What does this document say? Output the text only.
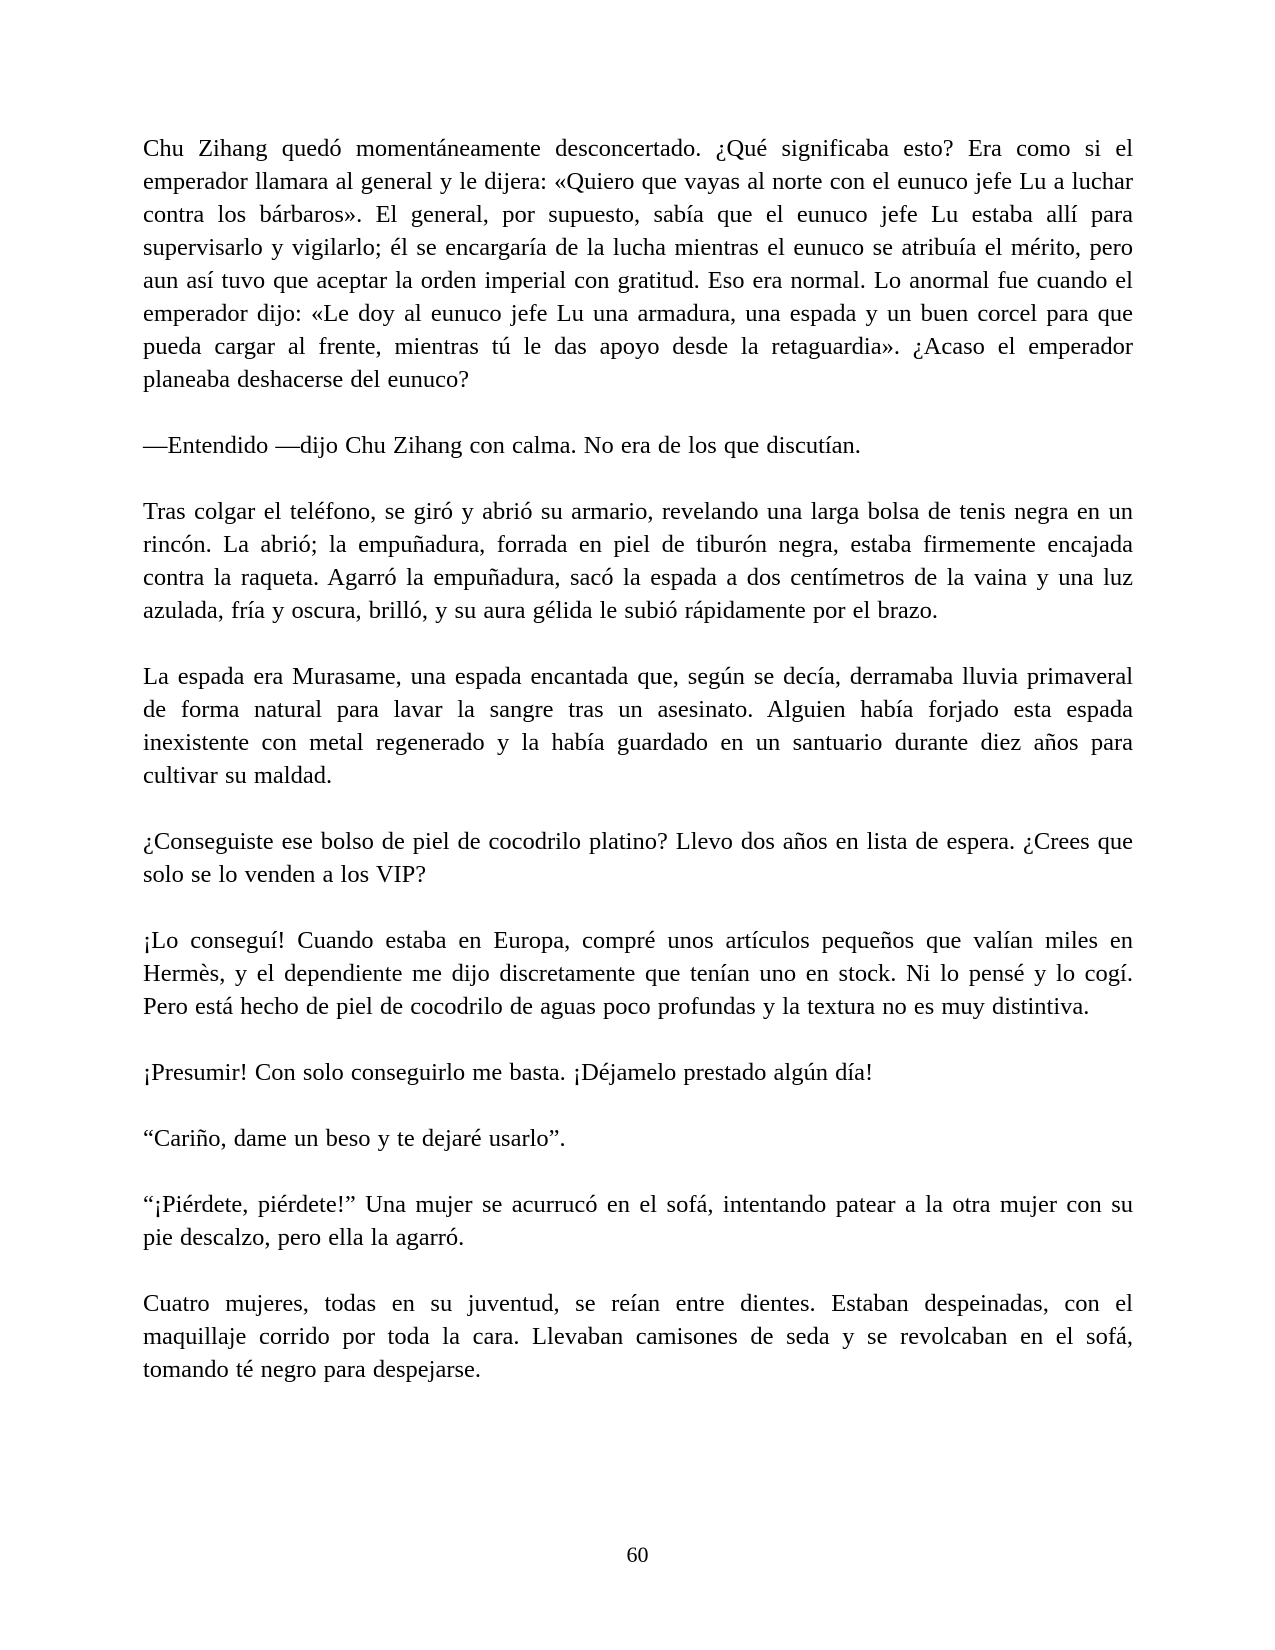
Chu Zihang quedó momentáneamente desconcertado. ¿Qué significaba esto? Era como si el emperador llamara al general y le dijera: «Quiero que vayas al norte con el eunuco jefe Lu a luchar contra los bárbaros». El general, por supuesto, sabía que el eunuco jefe Lu estaba allí para supervisarlo y vigilarlo; él se encargaría de la lucha mientras el eunuco se atribuía el mérito, pero aun así tuvo que aceptar la orden imperial con gratitud. Eso era normal. Lo anormal fue cuando el emperador dijo: «Le doy al eunuco jefe Lu una armadura, una espada y un buen corcel para que pueda cargar al frente, mientras tú le das apoyo desde la retaguardia». ¿Acaso el emperador planeaba deshacerse del eunuco?

—Entendido —dijo Chu Zihang con calma. No era de los que discutían.

Tras colgar el teléfono, se giró y abrió su armario, revelando una larga bolsa de tenis negra en un rincón. La abrió; la empuñadura, forrada en piel de tiburón negra, estaba firmemente encajada contra la raqueta. Agarró la empuñadura, sacó la espada a dos centímetros de la vaina y una luz azulada, fría y oscura, brilló, y su aura gélida le subió rápidamente por el brazo.

La espada era Murasame, una espada encantada que, según se decía, derramaba lluvia primaveral de forma natural para lavar la sangre tras un asesinato. Alguien había forjado esta espada inexistente con metal regenerado y la había guardado en un santuario durante diez años para cultivar su maldad.

¿Conseguiste ese bolso de piel de cocodrilo platino? Llevo dos años en lista de espera. ¿Crees que solo se lo venden a los VIP?

¡Lo conseguí! Cuando estaba en Europa, compré unos artículos pequeños que valían miles en Hermès, y el dependiente me dijo discretamente que tenían uno en stock. Ni lo pensé y lo cogí. Pero está hecho de piel de cocodrilo de aguas poco profundas y la textura no es muy distintiva.

¡Presumir! Con solo conseguirlo me basta. ¡Déjamelo prestado algún día!

“Cariño, dame un beso y te dejaré usarlo”.

“¡Piérdete, piérdete!” Una mujer se acurrucó en el sofá, intentando patear a la otra mujer con su pie descalzo, pero ella la agarró.

Cuatro mujeres, todas en su juventud, se reían entre dientes. Estaban despeinadas, con el maquillaje corrido por toda la cara. Llevaban camisones de seda y se revolcaban en el sofá, tomando té negro para despejarse.

60
